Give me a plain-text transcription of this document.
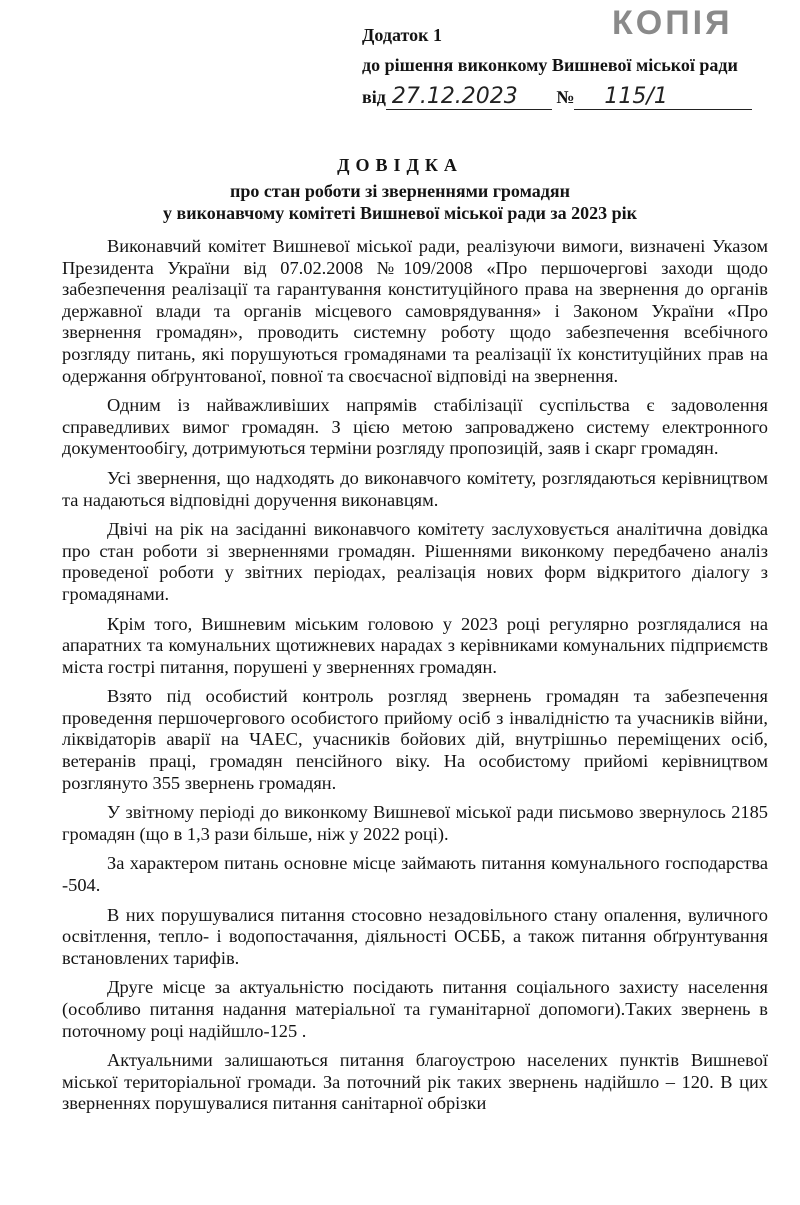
КОПІЯ
Додаток 1
до рішення виконкому Вишневої міської ради
від 27.12.2023 № 115/1
ДОВІДКА
про стан роботи зі зверненнями громадян
у виконавчому комітеті Вишневої міської ради за 2023 рік

Виконавчий комітет Вишневої міської ради, реалізуючи вимоги, визначені Указом Президента України від 07.02.2008 №109/2008 «Про першочергові заходи щодо забезпечення реалізації та гарантування конституційного права на звернення до органів державної влади та органів місцевого самоврядування» і Законом України «Про звернення громадян», проводить системну роботу щодо забезпечення всебічного розгляду питань, які порушуються громадянами та реалізації їх конституційних прав на одержання обґрунтованої, повної та своєчасної відповіді на звернення.

Одним із найважливіших напрямів стабілізації суспільства є задоволення справедливих вимог громадян. З цією метою запроваджено систему електронного документообігу, дотримуються терміни розгляду пропозицій, заяв і скарг громадян.

Усі звернення, що надходять до виконавчого комітету, розглядаються керівництвом та надаються відповідні доручення виконавцям.

Двічі на рік на засіданні виконавчого комітету заслуховується аналітична довідка про стан роботи зі зверненнями громадян. Рішеннями виконкому передбачено аналіз проведеної роботи у звітних періодах, реалізація нових форм відкритого діалогу з громадянами.

Крім того, Вишневим міським головою у 2023 році регулярно розглядалися на апаратних та комунальних щотижневих нарадах з керівниками комунальних підприємств міста гострі питання, порушені у зверненнях громадян.

Взято під особистий контроль розгляд звернень громадян та забезпечення проведення першочергового особистого прийому осіб з інвалідністю та учасників війни, ліквідаторів аварії на ЧАЕС, учасників бойових дій, внутрішньо переміщених осіб, ветеранів праці, громадян пенсійного віку. На особистому прийомі керівництвом розглянуто 355 звернень громадян.

У звітному періоді до виконкому Вишневої міської ради письмово звернулось 2185 громадян (що в 1,3 рази більше, ніж у 2022 році).

За характером питань основне місце займають питання комунального господарства -504.

В них порушувалися питання стосовно незадовільного стану опалення, вуличного освітлення, тепло- і водопостачання, діяльності ОСББ, а також питання обґрунтування встановлених тарифів.

Друге місце за актуальністю посідають питання соціального захисту населення (особливо питання надання матеріальної та гуманітарної допомоги).Таких звернень в поточному році надійшло-125 .

Актуальними залишаються питання благоустрою населених пунктів Вишневої міської територіальної громади. За поточний рік таких звернень надійшло – 120. В цих зверненнях порушувалися питання санітарної обрізки
